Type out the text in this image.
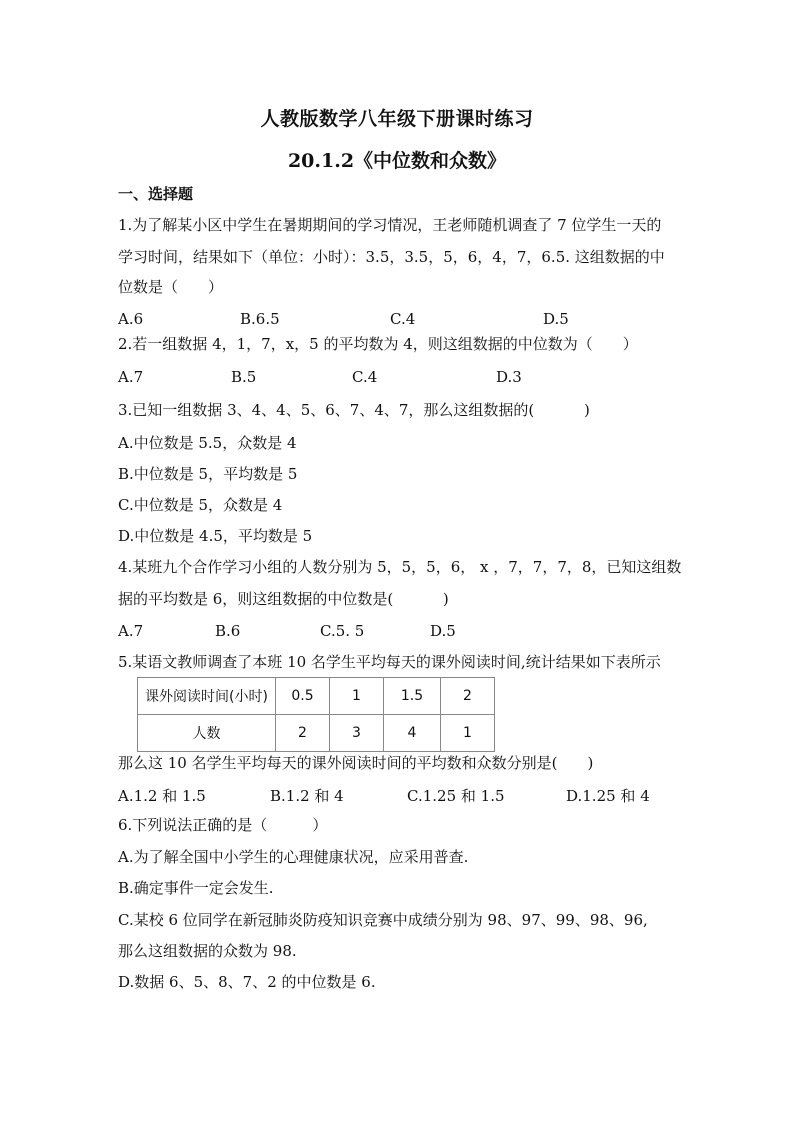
人教版数学八年级下册课时练习
20.1.2《中位数和众数》
一、选择题
1.为了解某小区中学生在暑期期间的学习情况，王老师随机调查了 7 位学生一天的
学习时间，结果如下（单位：小时）：3.5，3.5，5，6，4，7，6.5. 这组数据的中
位数是（　　）
A.6	B.6.5	C.4	D.5
2.若一组数据 4，1，7，x，5 的平均数为 4，则这组数据的中位数为（　　）
A.7	B.5	C.4	D.3
3.已知一组数据 3、4、4、5、6、7、4、7，那么这组数据的(　　　 )
A.中位数是 5.5，众数是 4
B.中位数是 5，平均数是 5
C.中位数是 5，众数是 4
D.中位数是 4.5，平均数是 5
4.某班九个合作学习小组的人数分别为 5，5，5，6， x ，7，7，7，8，已知这组数
据的平均数是 6，则这组数据的中位数是(　　　 )
A.7	B.6	C.5. 5	D.5
5.某语文教师调查了本班 10 名学生平均每天的课外阅读时间,统计结果如下表所示
课外阅读时间(小时)	0.5	1	1.5	2
人数	2	3	4	1
那么这 10 名学生平均每天的课外阅读时间的平均数和众数分别是(　　)
A.1.2 和 1.5	B.1.2 和 4	C.1.25 和 1.5	D.1.25 和 4
6.下列说法正确的是（　　　）
A.为了解全国中小学生的心理健康状况，应采用普查.
B.确定事件一定会发生.
C.某校 6 位同学在新冠肺炎防疫知识竞赛中成绩分别为 98、97、99、98、96,
那么这组数据的众数为 98.
D.数据 6、5、8、7、2 的中位数是 6.
